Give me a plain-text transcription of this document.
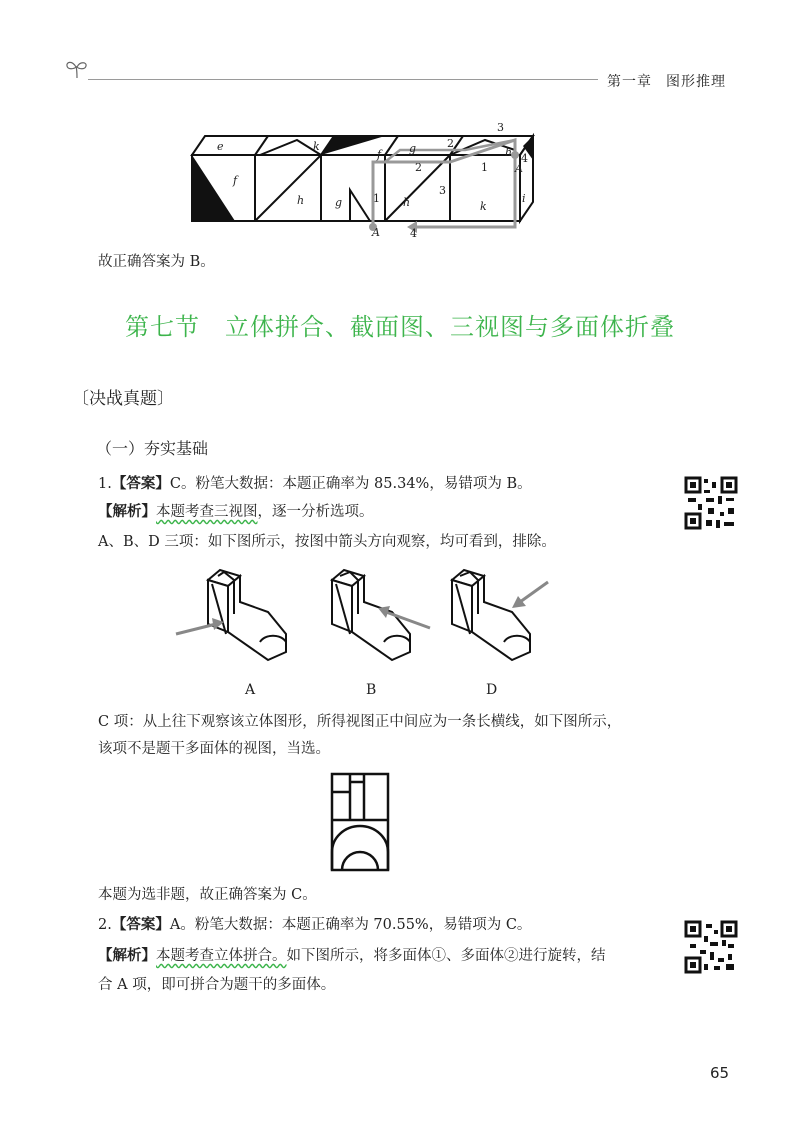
第一章 图形推理
e	k
f
g
h
f
h
g
h
k
i
A
A
3
2
2	1
4
3
1
4
故正确答案为 B。
第七节　立体拼合、截面图、三视图与多面体折叠
〔决战真题〕
（一）夯实基础
1.【答案】C。粉笔大数据：本题正确率为 85.34%，易错项为 B。
【解析】本题考查三视图，逐一分析选项。
A、B、D 三项：如下图所示，按图中箭头方向观察，均可看到，排除。
A	B	D
C 项：从上往下观察该立体图形，所得视图正中间应为一条长横线，如下图所示，
该项不是题干多面体的视图，当选。
本题为选非题，故正确答案为 C。
2.【答案】A。粉笔大数据：本题正确率为 70.55%，易错项为 C。
【解析】本题考查立体拼合。如下图所示，将多面体①、多面体②进行旋转，结
合 A 项，即可拼合为题干的多面体。
65
